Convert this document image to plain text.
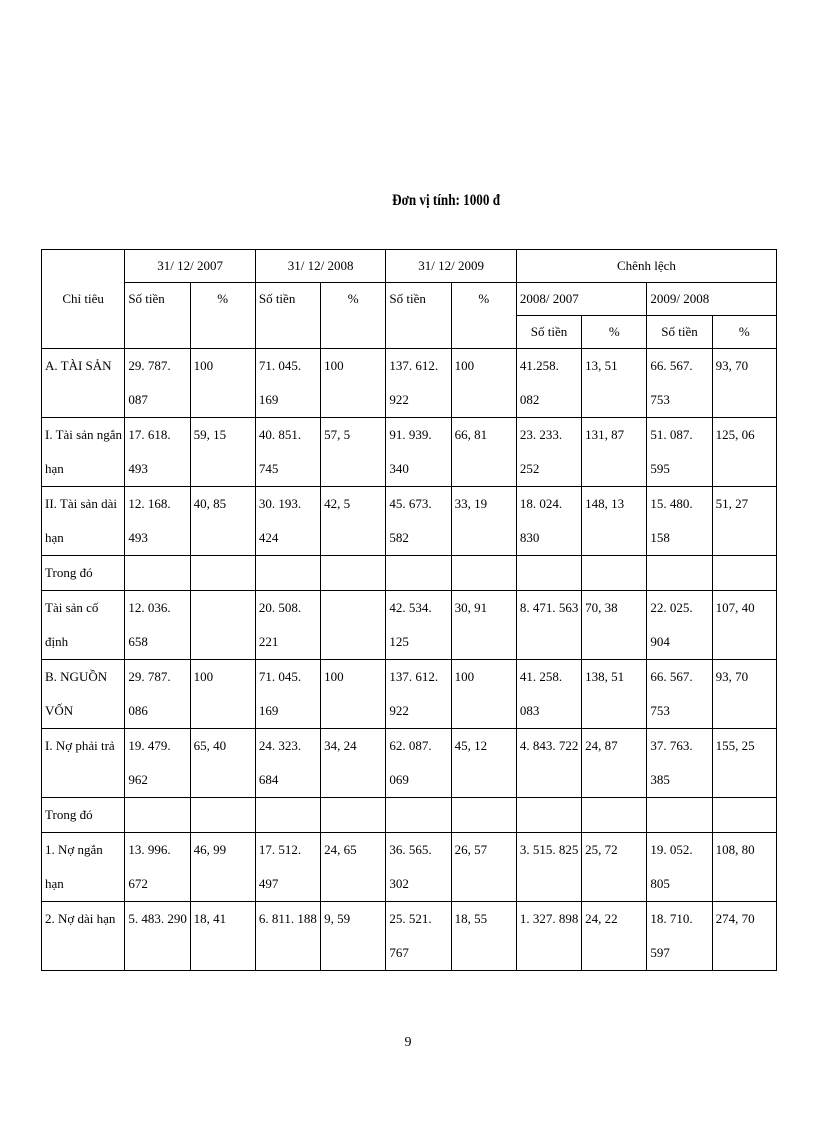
Đơn vị tính: 1000 đ
Chỉ tiêu	31/ 12/ 2007		31/ 12/ 2008		31/ 12/ 2009		Chênh lệch			
	Số tiền	%	Số tiền	%	Số tiền	%	2008/ 2007		2009/ 2008	
							Số tiền	%	Số tiền	%
A. TÀI SẢN	29. 787. 087	100	71. 045. 169	100	137. 612. 922	100	41.258. 082	13, 51	66. 567. 753	93, 70
I. Tài sản ngắn hạn	17. 618. 493	59, 15	40. 851. 745	57, 5	91. 939. 340	66, 81	23. 233. 252	131, 87	51. 087. 595	125, 06
II. Tài sản dài hạn	12. 168. 493	40, 85	30. 193. 424	42, 5	45. 673. 582	33, 19	18. 024. 830	148, 13	15. 480. 158	51, 27
Trong đó										
Tài sản cố định	12. 036. 658		20. 508. 221		42. 534. 125	30, 91	8. 471. 563	70, 38	22. 025. 904	107, 40
B. NGUỒN VỐN	29. 787. 086	100	71. 045. 169	100	137. 612. 922	100	41. 258. 083	138, 51	66. 567. 753	93, 70
I. Nợ phải trả	19. 479. 962	65, 40	24. 323. 684	34, 24	62. 087. 069	45, 12	4. 843. 722	24, 87	37. 763. 385	155, 25
Trong đó										
1. Nợ ngắn hạn	13. 996. 672	46, 99	17. 512. 497	24, 65	36. 565. 302	26, 57	3. 515. 825	25, 72	19. 052. 805	108, 80
2. Nợ dài hạn	5. 483. 290	18, 41	6. 811. 188	9, 59	25. 521. 767	18, 55	1. 327. 898	24, 22	18. 710. 597	274, 70
9
